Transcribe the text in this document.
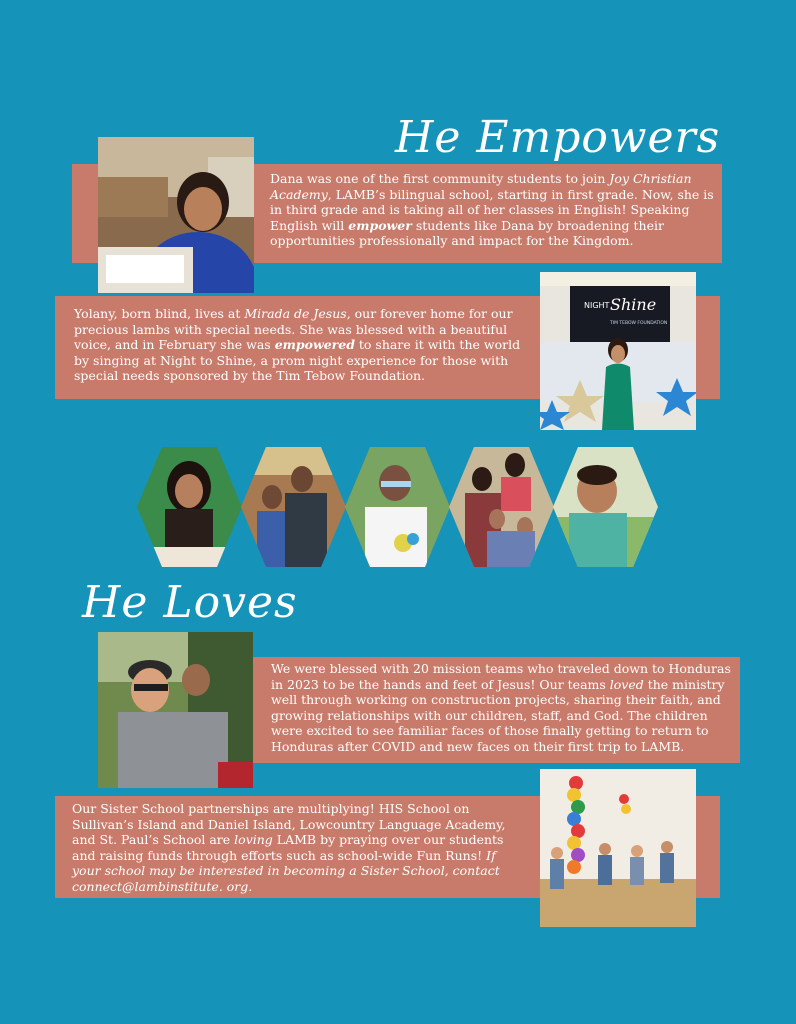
He Empowers

Dana was one of the first community students to join Joy Christian Academy, LAMB’s bilingual school, starting in first grade. Now, she is in third grade and is taking all of her classes in English! Speaking English will empower students like Dana by broadening their opportunities professionally and impact for the Kingdom.

Yolany, born blind, lives at Mirada de Jesus, our forever home for our precious lambs with special needs. She was blessed with a beautiful voice, and in February she was empowered to share it with the world by singing at Night to Shine, a prom night experience for those with special needs sponsored by the Tim Tebow Foundation.

NIGHT Shine
TIM TEBOW FOUNDATION
He Loves

We were blessed with 20 mission teams who traveled down to Honduras in 2023 to be the hands and feet of Jesus! Our teams loved the ministry well through working on construction projects, sharing their faith, and growing relationships with our children, staff, and God. The children were excited to see familiar faces of those finally getting to return to Honduras after COVID and new faces on their first trip to LAMB.

Our Sister School partnerships are multiplying! HIS School on Sullivan’s Island and Daniel Island, Lowcountry Language Academy, and St. Paul’s School are loving LAMB by praying over our students and raising funds through efforts such as school-wide Fun Runs! If your school may be interested in becoming a Sister School, contact connect@lambinstitute. org.
